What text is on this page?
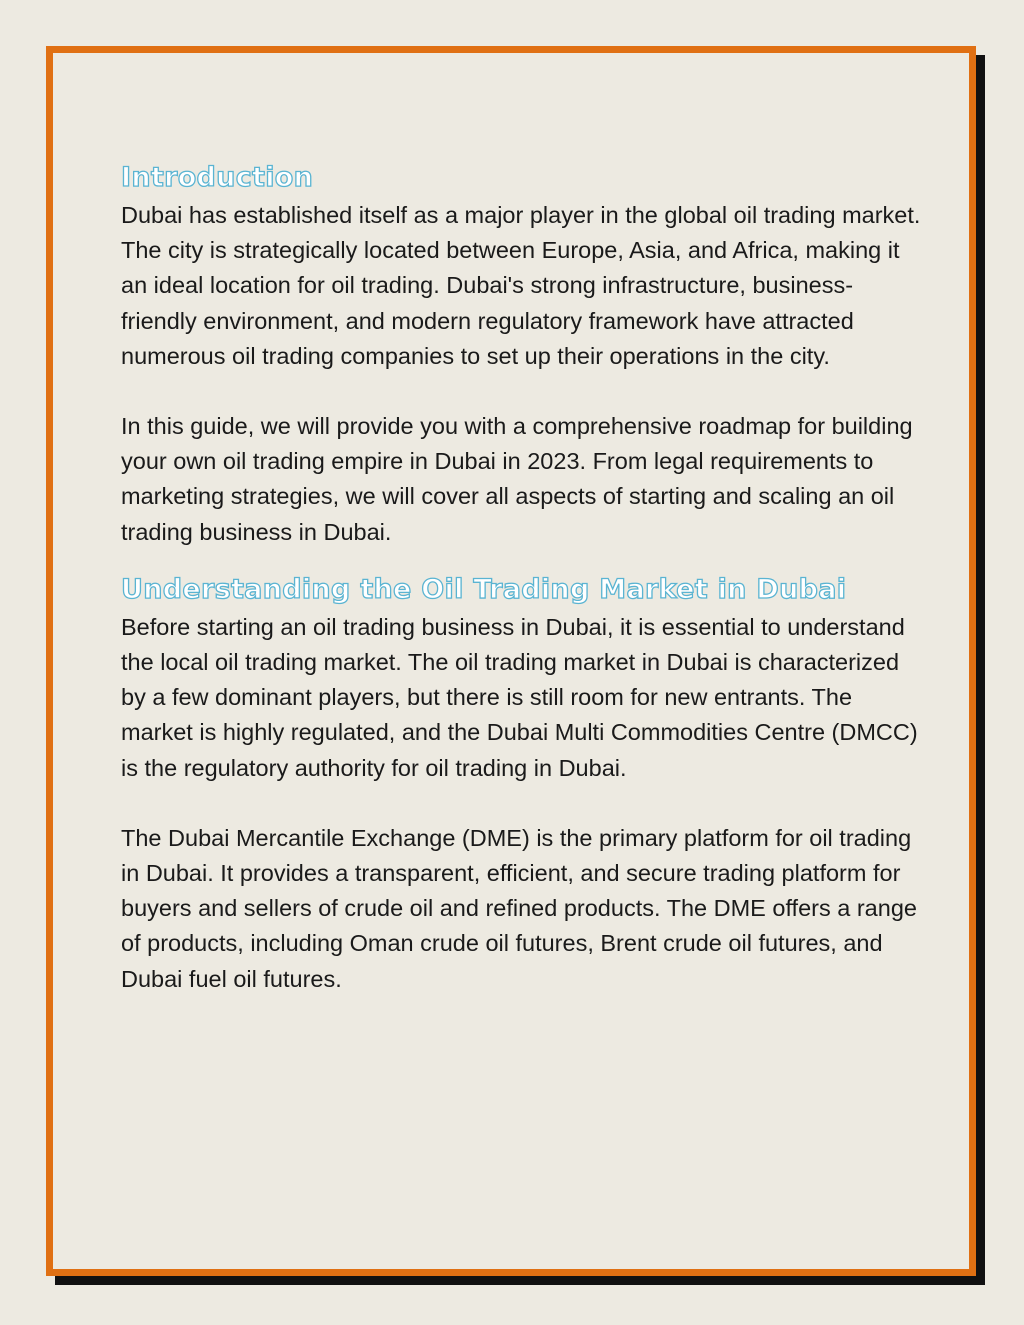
Introduction

Dubai has established itself as a major player in the global oil trading market. The city is strategically located between Europe, Asia, and Africa, making it an ideal location for oil trading. Dubai's strong infrastructure, business-friendly environment, and modern regulatory framework have attracted numerous oil trading companies to set up their operations in the city.

In this guide, we will provide you with a comprehensive roadmap for building your own oil trading empire in Dubai in 2023. From legal requirements to marketing strategies, we will cover all aspects of starting and scaling an oil trading business in Dubai.

Understanding the Oil Trading Market in Dubai

Before starting an oil trading business in Dubai, it is essential to understand the local oil trading market. The oil trading market in Dubai is characterized by a few dominant players, but there is still room for new entrants. The market is highly regulated, and the Dubai Multi Commodities Centre (DMCC) is the regulatory authority for oil trading in Dubai.

The Dubai Mercantile Exchange (DME) is the primary platform for oil trading in Dubai. It provides a transparent, efficient, and secure trading platform for buyers and sellers of crude oil and refined products. The DME offers a range of products, including Oman crude oil futures, Brent crude oil futures, and Dubai fuel oil futures.
